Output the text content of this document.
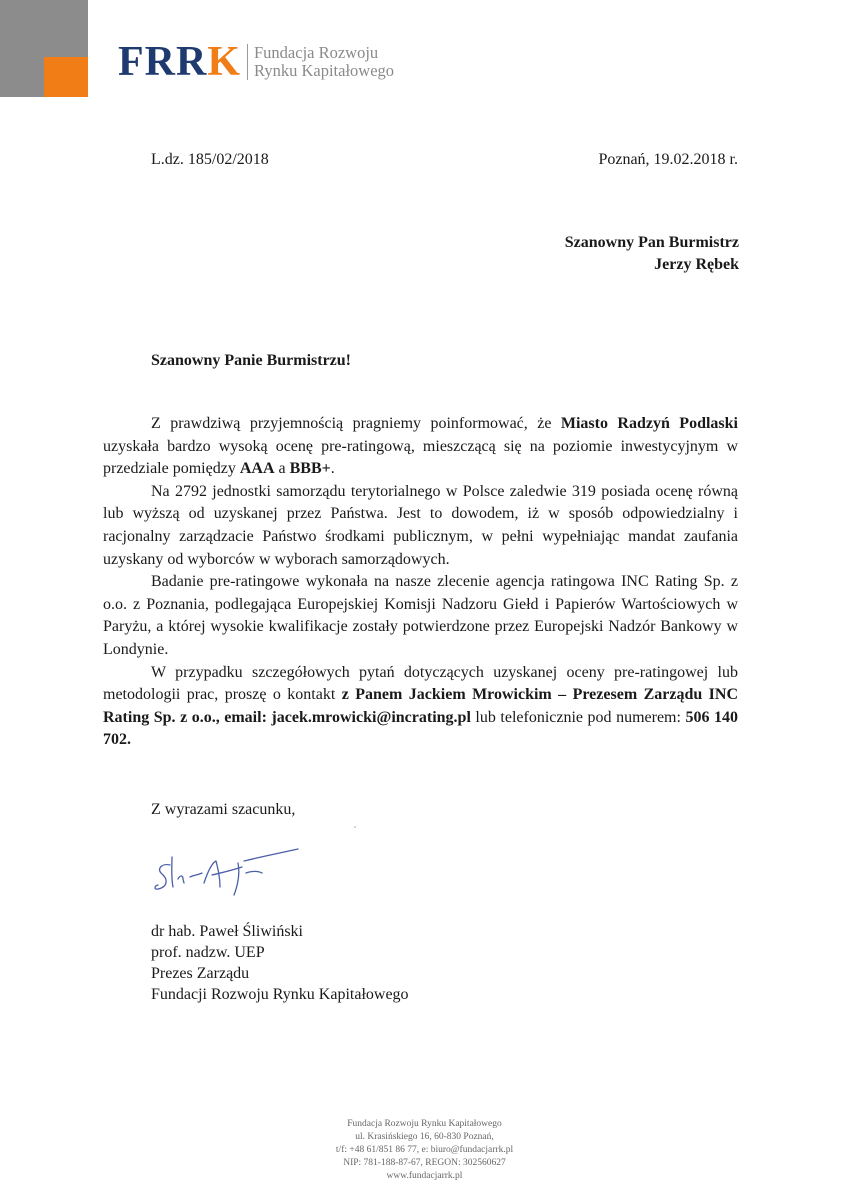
FRRK Fundacja Rozwoju
Rynku Kapitałowego
L.dz. 185/02/2018	Poznań, 19.02.2018 r.
Szanowny Pan Burmistrz
Jerzy Rębek
Szanowny Panie Burmistrzu!

Z prawdziwą przyjemnością pragniemy poinformować, że Miasto Radzyń Podlaski uzyskała bardzo wysoką ocenę pre-ratingową, mieszczącą się na poziomie inwestycyjnym w przedziale pomiędzy AAA a BBB+.

Na 2792 jednostki samorządu terytorialnego w Polsce zaledwie 319 posiada ocenę równą lub wyższą od uzyskanej przez Państwa. Jest to dowodem, iż w sposób odpowiedzialny i racjonalny zarządzacie Państwo środkami publicznym, w pełni wypełniając mandat zaufania uzyskany od wyborców w wyborach samorządowych.

Badanie pre-ratingowe wykonała na nasze zlecenie agencja ratingowa INC Rating Sp. z o.o. z Poznania, podlegająca Europejskiej Komisji Nadzoru Giełd i Papierów Wartościowych w Paryżu, a której wysokie kwalifikacje zostały potwierdzone przez Europejski Nadzór Bankowy w Londynie.

W przypadku szczegółowych pytań dotyczących uzyskanej oceny pre-ratingowej lub metodologii prac, proszę o kontakt z Panem Jackiem Mrowickim – Prezesem Zarządu INC Rating Sp. z o.o., email: jacek.mrowicki@incrating.pl lub telefonicznie pod numerem: 506 140 702.

Z wyrazami szacunku,
dr hab. Paweł Śliwiński
prof. nadzw. UEP
Prezes Zarządu
Fundacji Rozwoju Rynku Kapitałowego
Fundacja Rozwoju Rynku Kapitałowego
ul. Krasińskiego 16, 60-830 Poznań,
t/f: +48 61/851 86 77, e: biuro@fundacjarrk.pl
NIP: 781-188-87-67, REGON: 302560627
www.fundacjarrk.pl
